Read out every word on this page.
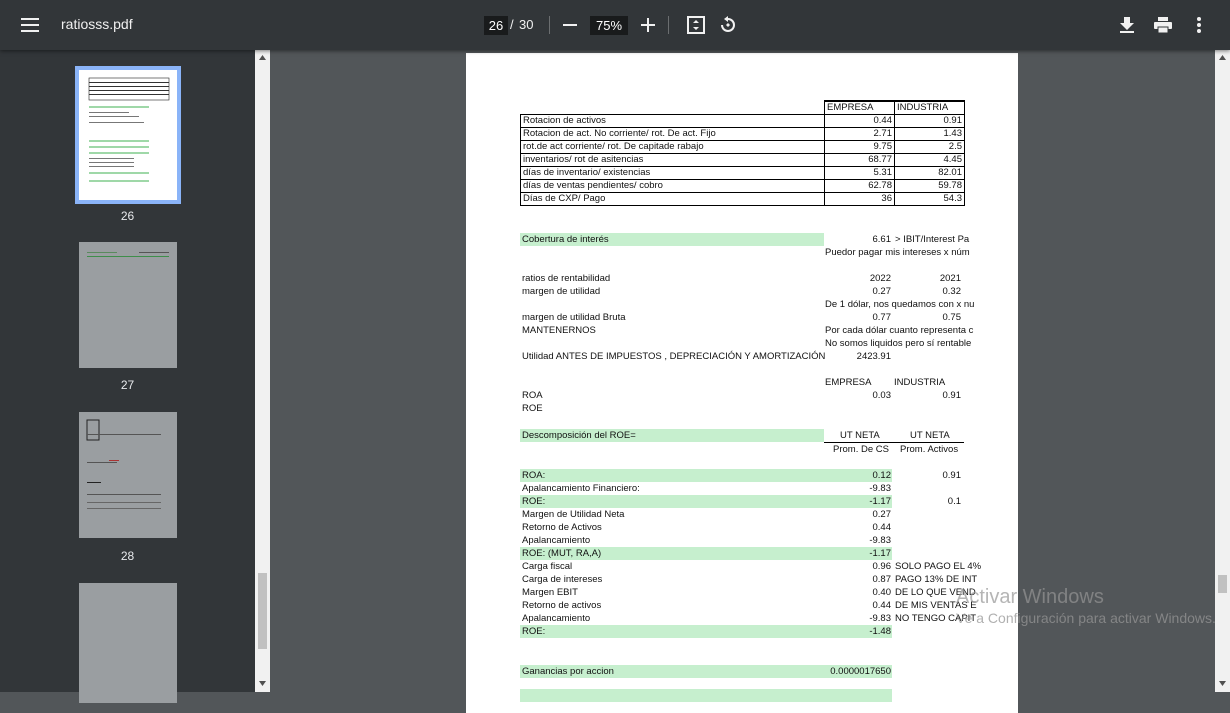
ratiosss.pdf	26 / 30	75%
26
27
28
	EMPRESA	INDUSTRIA
Rotacion de activos	0.44	0.91
Rotacion de act. No corriente/ rot. De act. Fijo	2.71	1.43
rot.de act corriente/ rot. De capitade rabajo	9.75	2.5
inventarios/ rot de asitencias	68.77	4.45
días de inventario/ existencias	5.31	82.01
días de ventas pendientes/ cobro	62.78	59.78
Días de CXP/ Pago	36	54.3
Cobertura de interés	6.61 > IBIT/Interest Pa
Puedor pagar mis intereses x núm
ratios de rentabilidad	2022	2021
margen de utilidad	0.27	0.32
De 1 dólar, nos quedamos con x nu
margen de utilidad Bruta	0.77	0.75
MANTENERNOS	Por cada dólar cuanto representa c
No somos liquidos pero sí rentable
Utilidad ANTES DE IMPUESTOS , DEPRECIACIÓN Y AMORTIZACIÓN	2423.91
EMPRESA INDUSTRIA
ROA	0.03	0.91
ROE
Descomposición del ROE=	UT NETA	UT NETA
Prom. De CS Prom. Activos
ROA:	0.12	0.91
Apalancamiento Financiero:	-9.83
ROE:	-1.17	0.1
Margen de Utilidad Neta	0.27
Retorno de Activos	0.44
Apalancamiento	-9.83
ROE: (MUT, RA,A)	-1.17
Carga fiscal	0.96 SOLO PAGO EL 4%
Carga de intereses	0.87 PAGO 13% DE INT
Margen EBIT	0.40 DE LO QUE VEND
Retorno de activos	0.44 DE MIS VENTAS E
Apalancamiento	-9.83 NO TENGO CAPIT
ROE:	-1.48
Ganancias por accion	0.0000017650
Activar Windows
Ve a Configuración para activar Windows.
